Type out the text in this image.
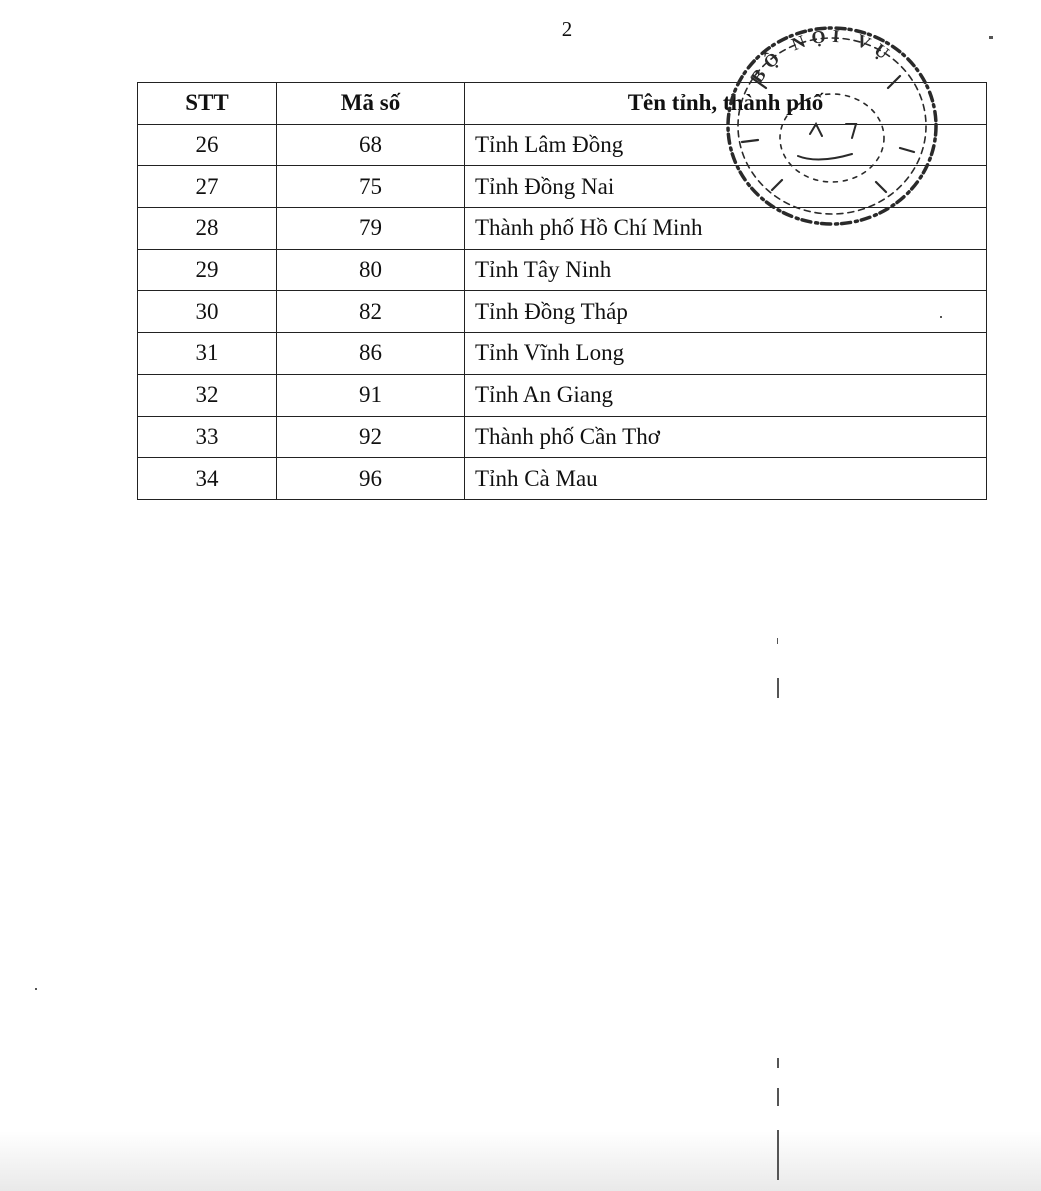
2
STT	Mã số	Tên tỉnh, thành phố
26	68	Tỉnh Lâm Đồng
27	75	Tỉnh Đồng Nai
28	79	Thành phố Hồ Chí Minh
29	80	Tỉnh Tây Ninh
30	82	Tỉnh Đồng Tháp
31	86	Tỉnh Vĩnh Long
32	91	Tỉnh An Giang
33	92	Thành phố Cần Thơ
34	96	Tỉnh Cà Mau
BỘ NỘI VỤ
